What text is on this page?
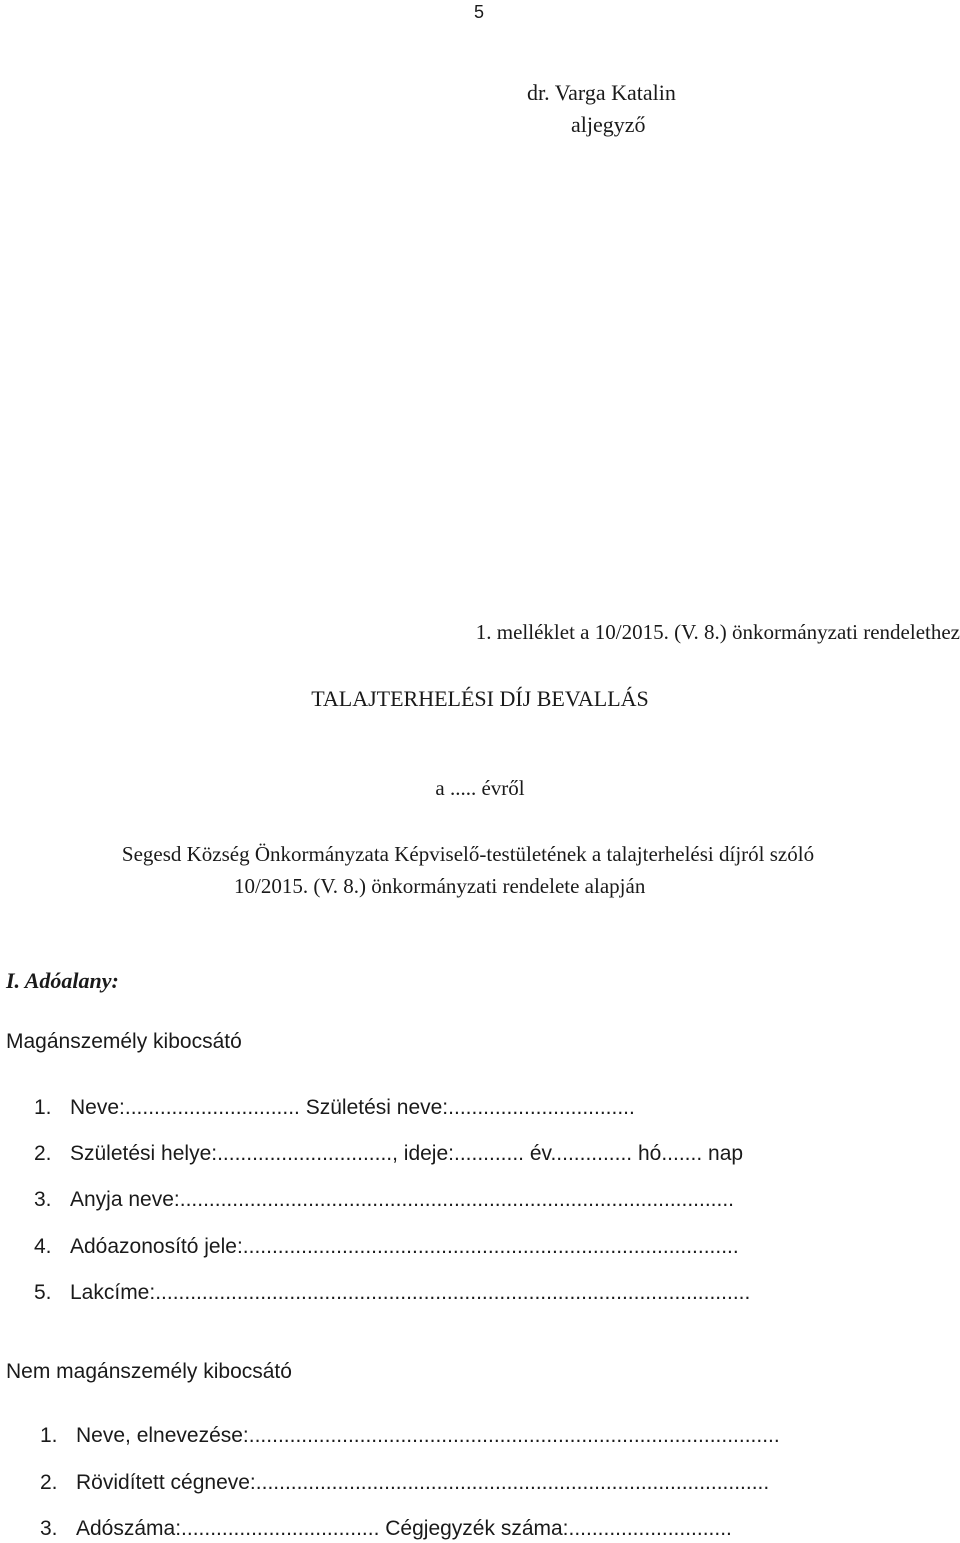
5
dr. Varga Katalin
aljegyző
1. melléklet a 10/2015. (V. 8.) önkormányzati rendelethez
TALAJTERHELÉSI DÍJ BEVALLÁS
a ..... évről
Segesd Község Önkormányzata Képviselő-testületének a talajterhelési díjról szóló
10/2015. (V. 8.) önkormányzati rendelete alapján
I. Adóalany:
Magánszemély kibocsátó
1. Neve:.............................. Születési neve:................................
2. Születési helye:.............................., ideje:............ év.............. hó....... nap
3. Anyja neve:...............................................................................................
4. Adóazonosító jele:.....................................................................................
5. Lakcíme:......................................................................................................
Nem magánszemély kibocsátó
1. Neve, elnevezése:...........................................................................................
2. Rövidített cégneve:........................................................................................
3. Adószáma:.................................. Cégjegyzék száma:............................
